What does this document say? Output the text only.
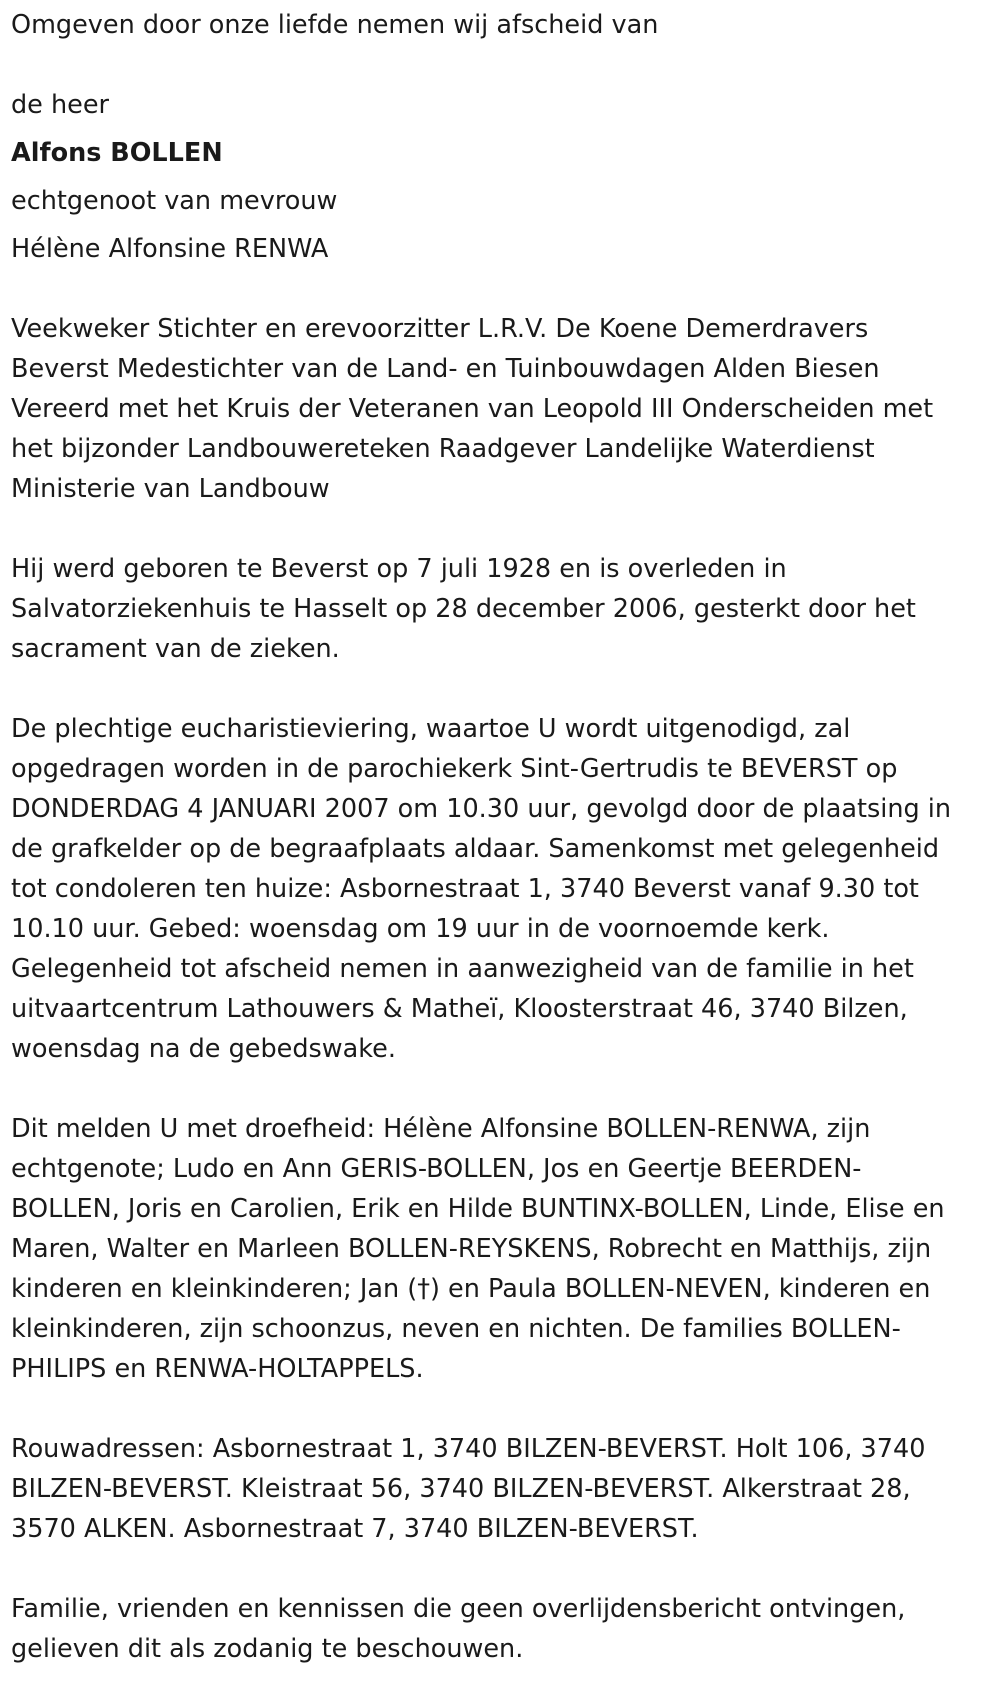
Omgeven door onze liefde nemen wij afscheid van

de heer

Alfons BOLLEN

echtgenoot van mevrouw

Hélène Alfonsine RENWA

Veekweker Stichter en erevoorzitter L.R.V. De Koene Demerdravers

Beverst Medestichter van de Land- en Tuinbouwdagen Alden Biesen

Vereerd met het Kruis der Veteranen van Leopold III Onderscheiden met

het bijzonder Landbouwereteken Raadgever Landelijke Waterdienst

Ministerie van Landbouw

Hij werd geboren te Beverst op 7 juli 1928 en is overleden in

Salvatorziekenhuis te Hasselt op 28 december 2006, gesterkt door het

sacrament van de zieken.

De plechtige eucharistieviering, waartoe U wordt uitgenodigd, zal

opgedragen worden in de parochiekerk Sint-Gertrudis te BEVERST op

DONDERDAG 4 JANUARI 2007 om 10.30 uur, gevolgd door de plaatsing in

de grafkelder op de begraafplaats aldaar. Samenkomst met gelegenheid

tot condoleren ten huize: Asbornestraat 1, 3740 Beverst vanaf 9.30 tot

10.10 uur. Gebed: woensdag om 19 uur in de voornoemde kerk.

Gelegenheid tot afscheid nemen in aanwezigheid van de familie in het

uitvaartcentrum Lathouwers & Matheï, Kloosterstraat 46, 3740 Bilzen,

woensdag na de gebedswake.

Dit melden U met droefheid: Hélène Alfonsine BOLLEN-RENWA, zijn

echtgenote; Ludo en Ann GERIS-BOLLEN, Jos en Geertje BEERDEN-

BOLLEN, Joris en Carolien, Erik en Hilde BUNTINX-BOLLEN, Linde, Elise en

Maren, Walter en Marleen BOLLEN-REYSKENS, Robrecht en Matthijs, zijn

kinderen en kleinkinderen; Jan (†) en Paula BOLLEN-NEVEN, kinderen en

kleinkinderen, zijn schoonzus, neven en nichten. De families BOLLEN-

PHILIPS en RENWA-HOLTAPPELS.

Rouwadressen: Asbornestraat 1, 3740 BILZEN-BEVERST. Holt 106, 3740

BILZEN-BEVERST. Kleistraat 56, 3740 BILZEN-BEVERST. Alkerstraat 28,

3570 ALKEN. Asbornestraat 7, 3740 BILZEN-BEVERST.

Familie, vrienden en kennissen die geen overlijdensbericht ontvingen,

gelieven dit als zodanig te beschouwen.
